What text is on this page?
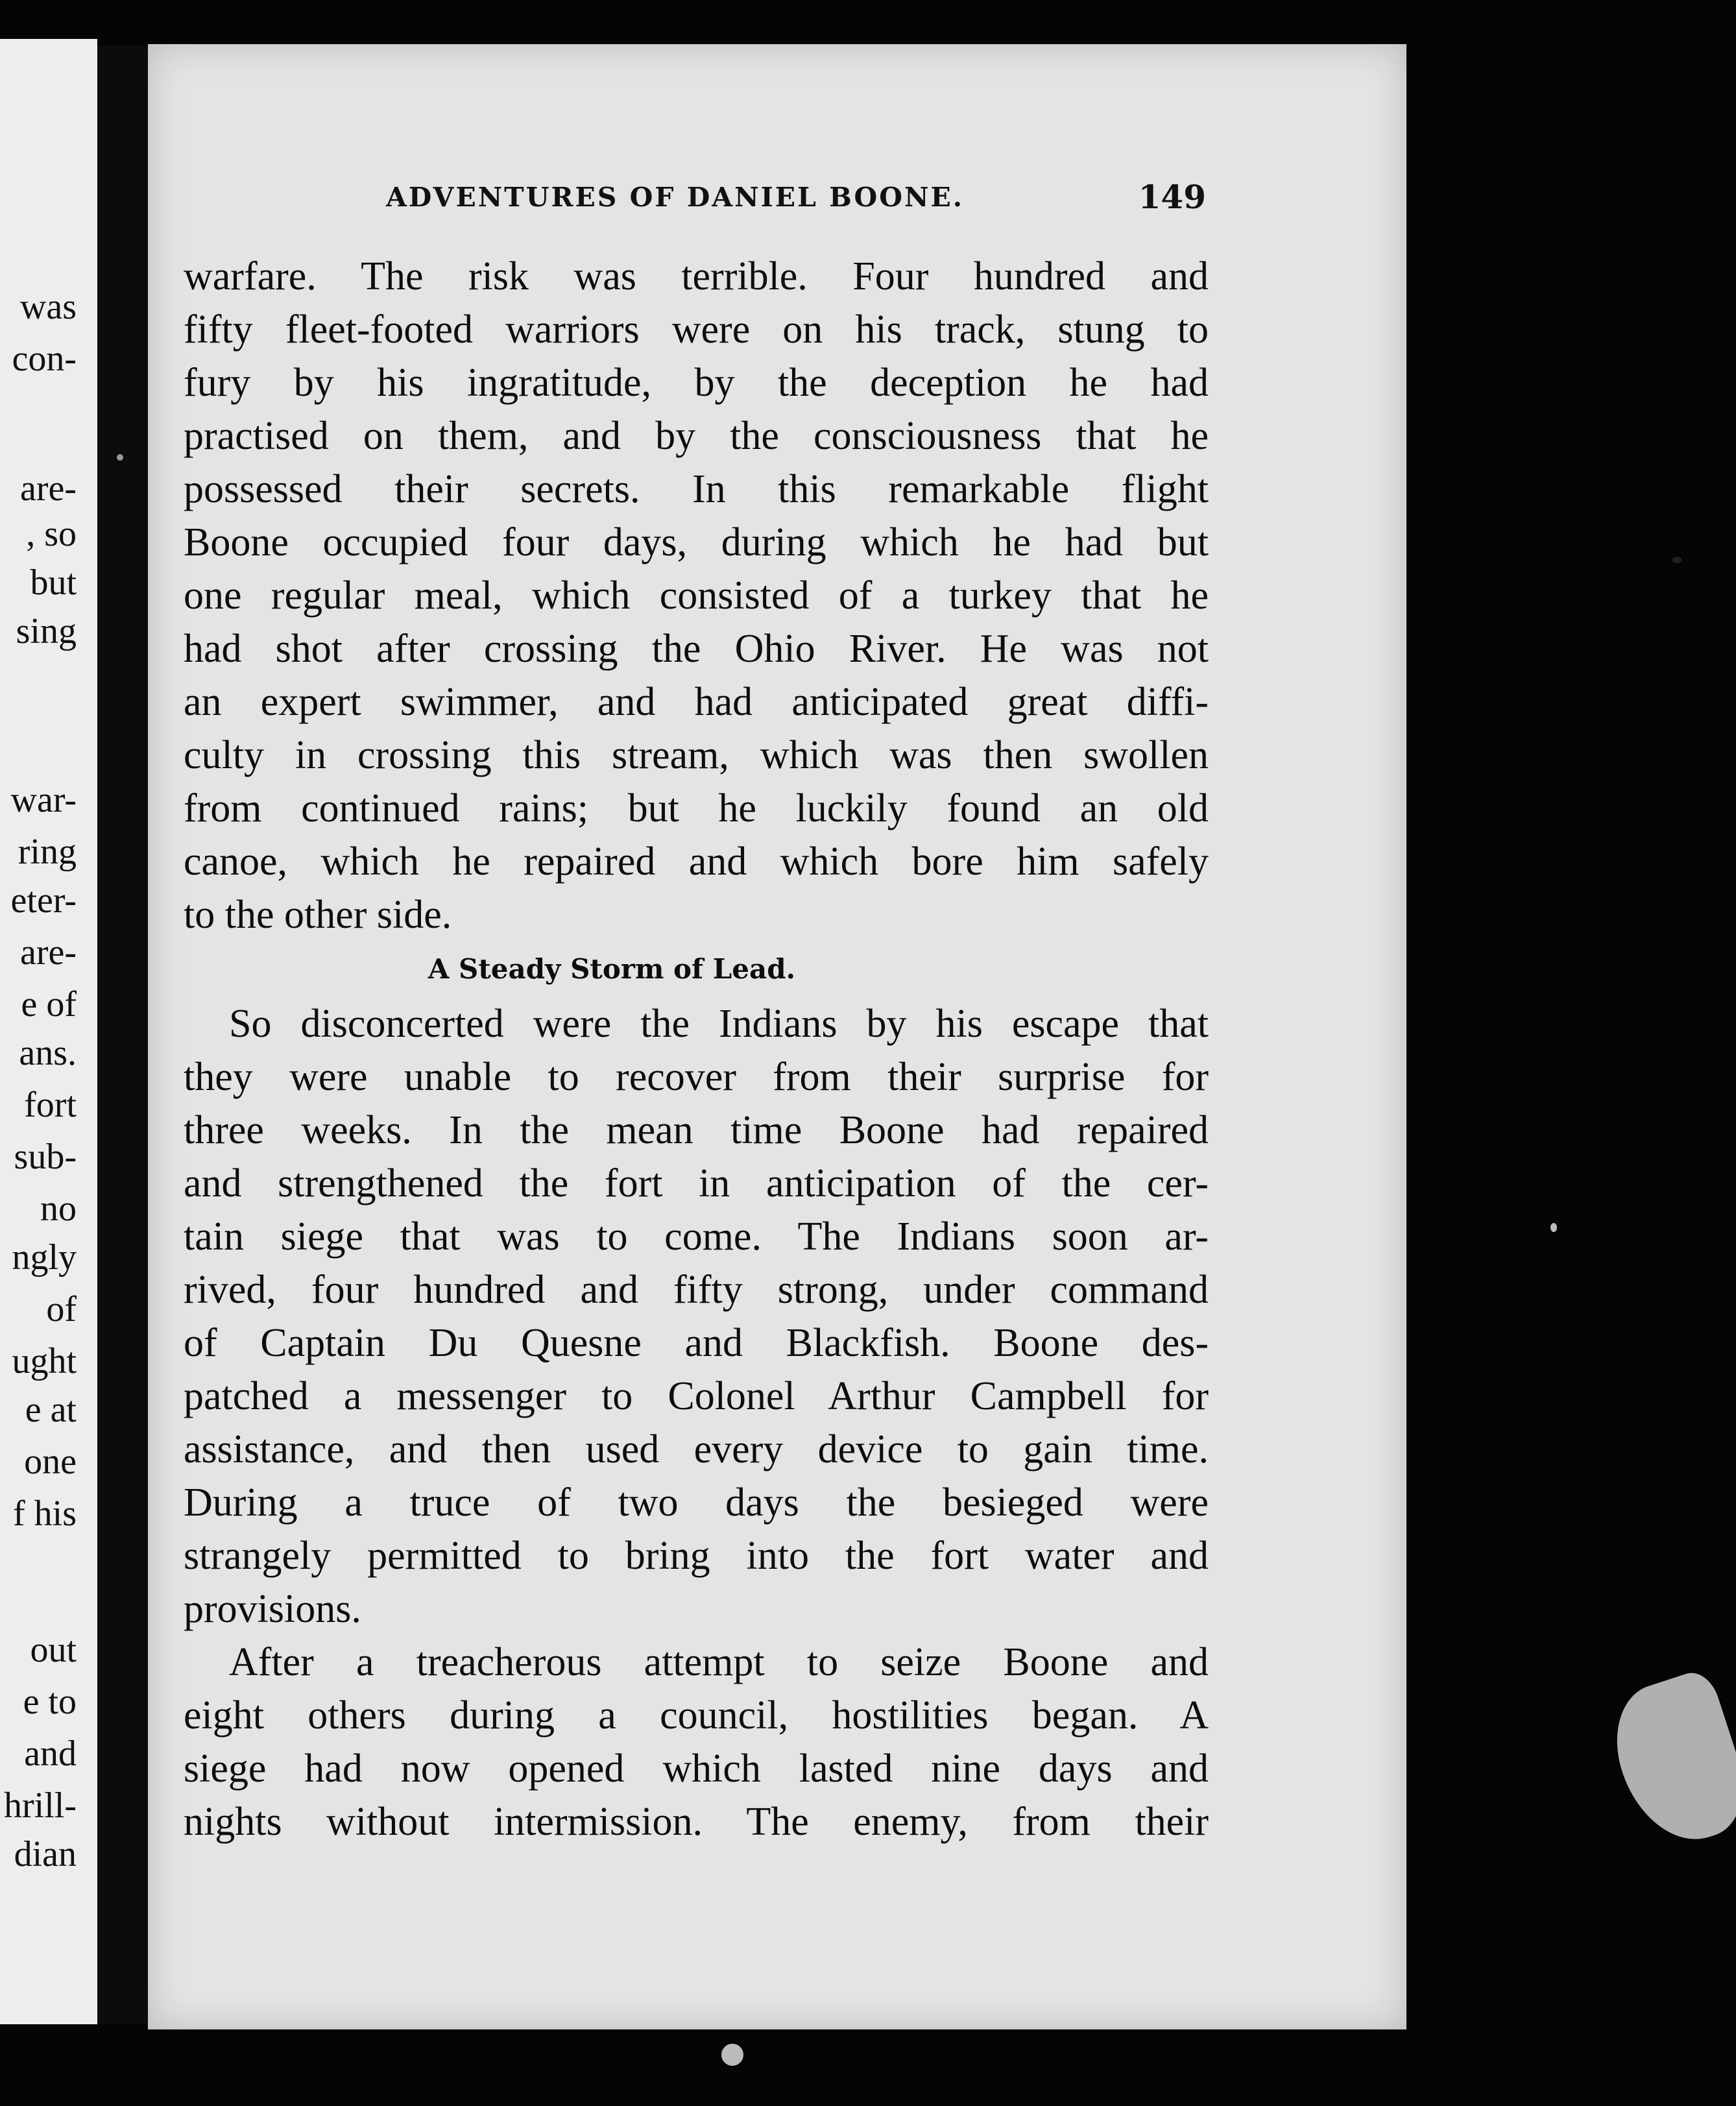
was
con-
are-
, so
but
sing
war-
ring
eter-
are-
e of
ans.
fort
sub-
no
ngly
of
ught
e at
one
f his
out
e to
and
hrill-
dian
ADVENTURES OF DANIEL BOONE.	149
warfare. The risk was terrible. Four hundred and
fifty fleet-footed warriors were on his track, stung to
fury by his ingratitude, by the deception he had
practised on them, and by the consciousness that he
possessed their secrets. In this remarkable flight
Boone occupied four days, during which he had but
one regular meal, which consisted of a turkey that he
had shot after crossing the Ohio River. He was not
an expert swimmer, and had anticipated great diffi-
culty in crossing this stream, which was then swollen
from continued rains; but he luckily found an old
canoe, which he repaired and which bore him safely
to the other side.
A Steady Storm of Lead.
So disconcerted were the Indians by his escape that
they were unable to recover from their surprise for
three weeks. In the mean time Boone had repaired
and strengthened the fort in anticipation of the cer-
tain siege that was to come. The Indians soon ar-
rived, four hundred and fifty strong, under command
of Captain Du Quesne and Blackfish. Boone des-
patched a messenger to Colonel Arthur Campbell for
assistance, and then used every device to gain time.
During a truce of two days the besieged were
strangely permitted to bring into the fort water and
provisions.
After a treacherous attempt to seize Boone and
eight others during a council, hostilities began. A
siege had now opened which lasted nine days and
nights without intermission. The enemy, from their
